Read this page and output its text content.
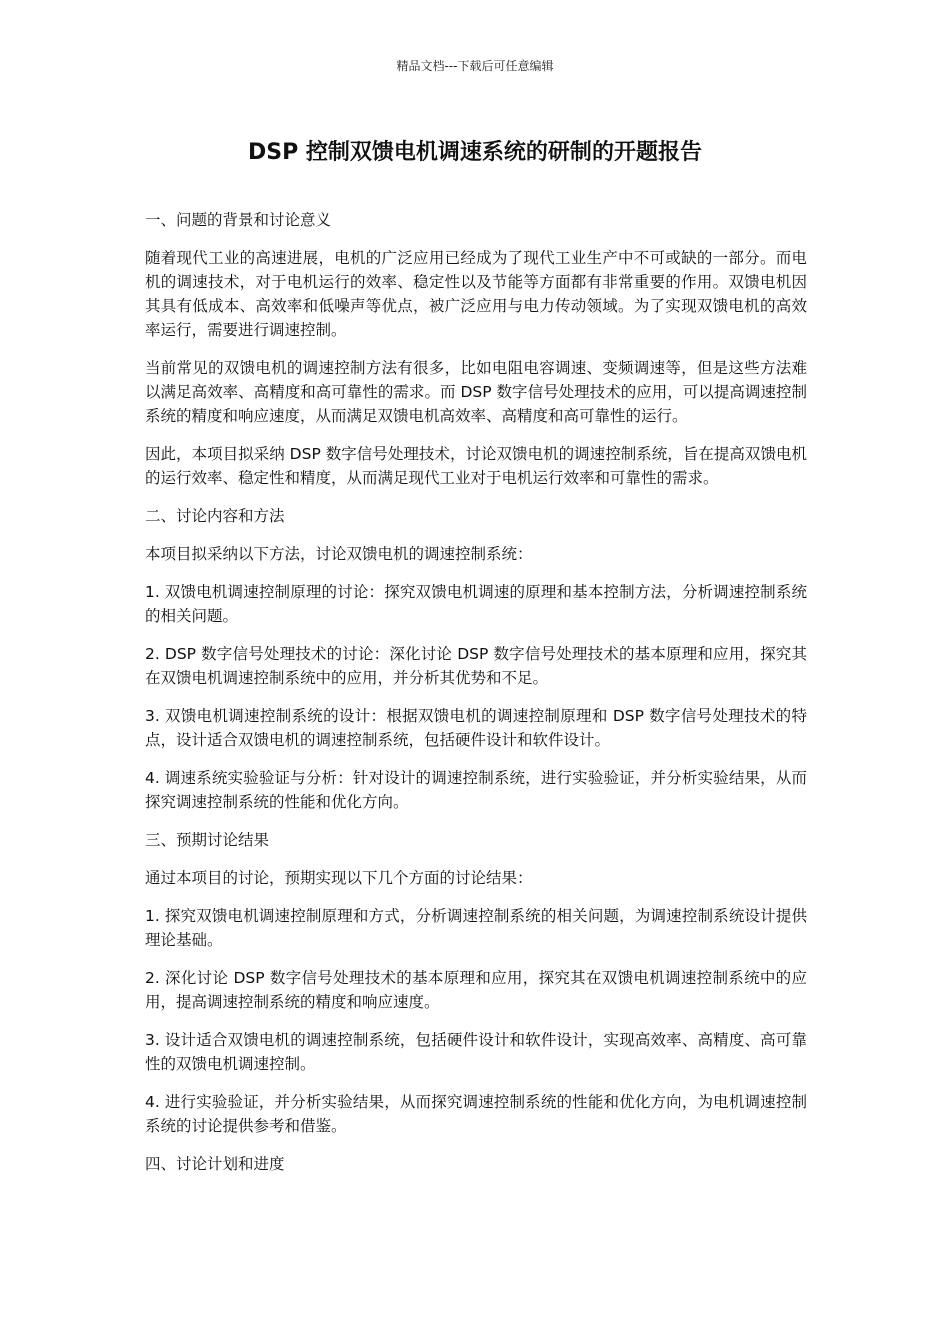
精品文档---下载后可任意编辑
DSP 控制双馈电机调速系统的研制的开题报告

一、问题的背景和讨论意义

随着现代工业的高速进展，电机的广泛应用已经成为了现代工业生产中不可或缺的一部分。而电机的调速技术，对于电机运行的效率、稳定性以及节能等方面都有非常重要的作用。双馈电机因其具有低成本、高效率和低噪声等优点，被广泛应用与电力传动领域。为了实现双馈电机的高效率运行，需要进行调速控制。

当前常见的双馈电机的调速控制方法有很多，比如电阻电容调速、变频调速等，但是这些方法难以满足高效率、高精度和高可靠性的需求。而 DSP 数字信号处理技术的应用，可以提高调速控制系统的精度和响应速度，从而满足双馈电机高效率、高精度和高可靠性的运行。

因此，本项目拟采纳 DSP 数字信号处理技术，讨论双馈电机的调速控制系统，旨在提高双馈电机的运行效率、稳定性和精度，从而满足现代工业对于电机运行效率和可靠性的需求。

二、讨论内容和方法

本项目拟采纳以下方法，讨论双馈电机的调速控制系统：

1. 双馈电机调速控制原理的讨论：探究双馈电机调速的原理和基本控制方法，分析调速控制系统的相关问题。

2. DSP 数字信号处理技术的讨论：深化讨论 DSP 数字信号处理技术的基本原理和应用，探究其在双馈电机调速控制系统中的应用，并分析其优势和不足。

3. 双馈电机调速控制系统的设计：根据双馈电机的调速控制原理和 DSP 数字信号处理技术的特点，设计适合双馈电机的调速控制系统，包括硬件设计和软件设计。

4. 调速系统实验验证与分析：针对设计的调速控制系统，进行实验验证，并分析实验结果，从而探究调速控制系统的性能和优化方向。

三、预期讨论结果

通过本项目的讨论，预期实现以下几个方面的讨论结果：

1. 探究双馈电机调速控制原理和方式，分析调速控制系统的相关问题，为调速控制系统设计提供理论基础。

2. 深化讨论 DSP 数字信号处理技术的基本原理和应用，探究其在双馈电机调速控制系统中的应用，提高调速控制系统的精度和响应速度。

3. 设计适合双馈电机的调速控制系统，包括硬件设计和软件设计，实现高效率、高精度、高可靠性的双馈电机调速控制。

4. 进行实验验证，并分析实验结果，从而探究调速控制系统的性能和优化方向，为电机调速控制系统的讨论提供参考和借鉴。

四、讨论计划和进度
